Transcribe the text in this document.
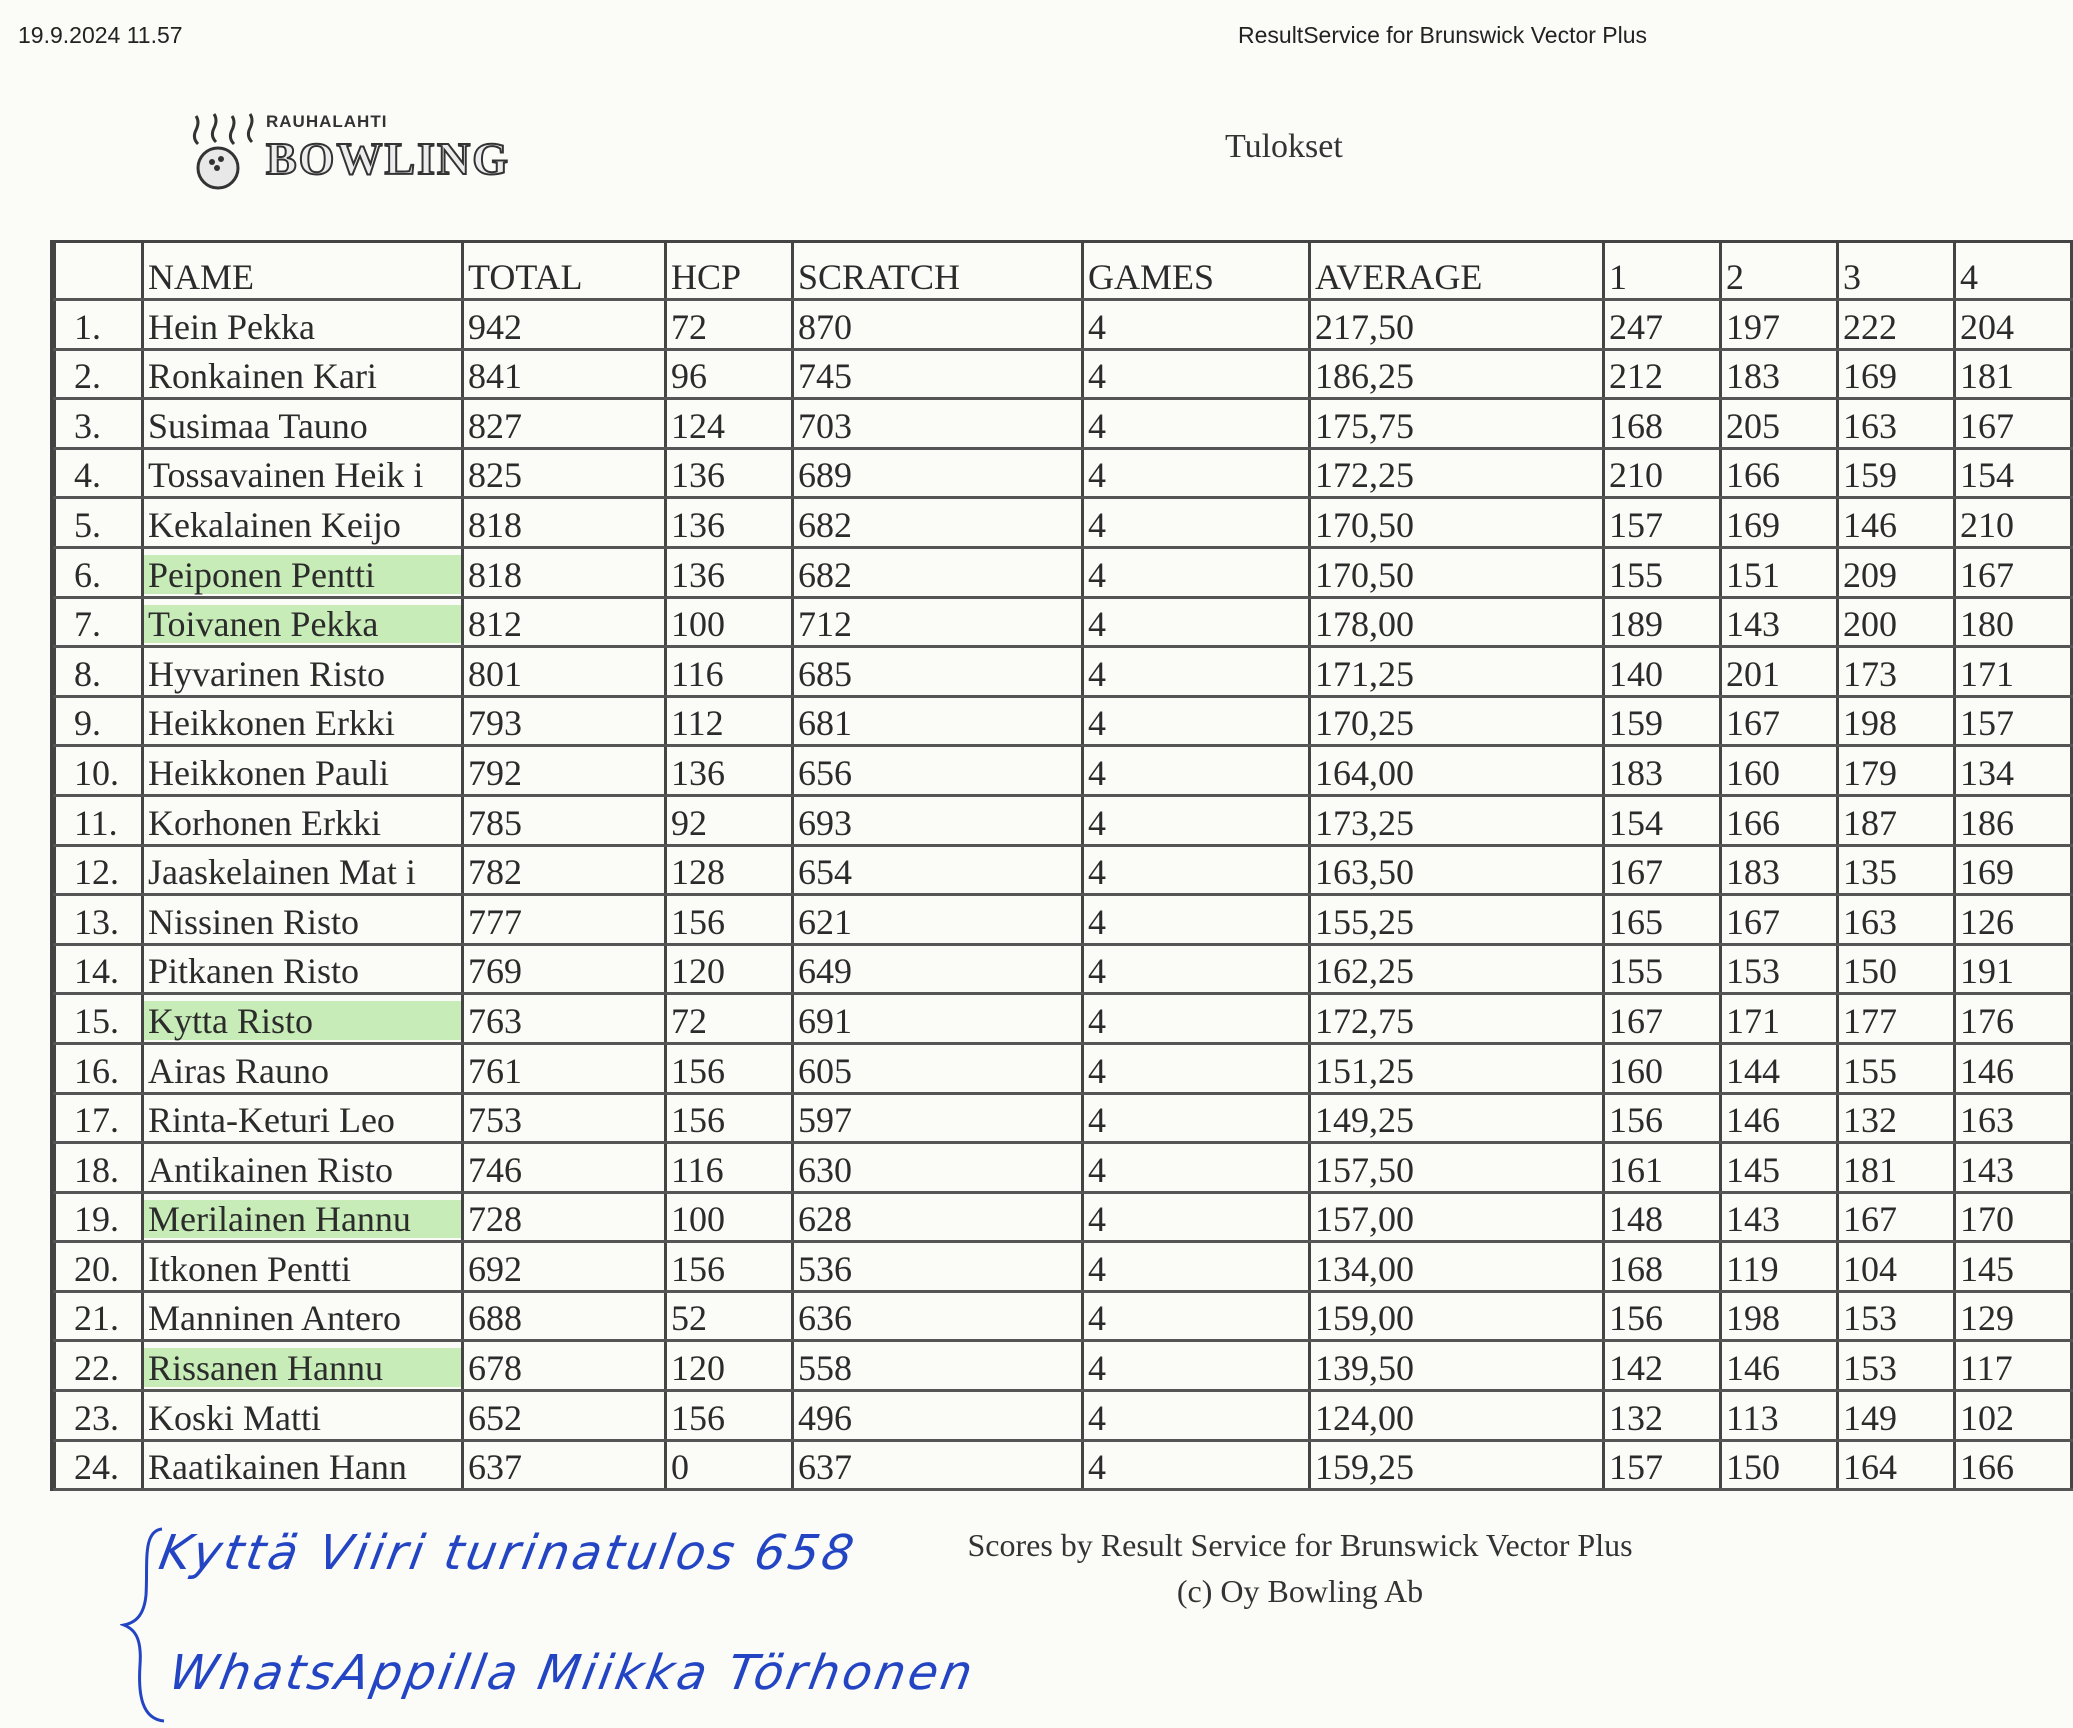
19.9.2024 11.57	ResultService for Brunswick Vector Plus
RAUHALAHTI
BOWLING	Tulokset
	NAME	TOTAL	HCP	SCRATCH	GAMES	AVERAGE	1	2	3	4
1.	Hein Pekka	942	72	870	4	217,50	247	197	222	204
2.	Ronkainen Kari	841	96	745	4	186,25	212	183	169	181
3.	Susimaa Tauno	827	124	703	4	175,75	168	205	163	167
4.	Tossavainen Heik i	825	136	689	4	172,25	210	166	159	154
5.	Kekalainen Keijo	818	136	682	4	170,50	157	169	146	210
6.	Peiponen Pentti	818	136	682	4	170,50	155	151	209	167
7.	Toivanen Pekka	812	100	712	4	178,00	189	143	200	180
8.	Hyvarinen Risto	801	116	685	4	171,25	140	201	173	171
9.	Heikkonen Erkki	793	112	681	4	170,25	159	167	198	157
10.	Heikkonen Pauli	792	136	656	4	164,00	183	160	179	134
11.	Korhonen Erkki	785	92	693	4	173,25	154	166	187	186
12.	Jaaskelainen Mat i	782	128	654	4	163,50	167	183	135	169
13.	Nissinen Risto	777	156	621	4	155,25	165	167	163	126
14.	Pitkanen Risto	769	120	649	4	162,25	155	153	150	191
15.	Kytta Risto	763	72	691	4	172,75	167	171	177	176
16.	Airas Rauno	761	156	605	4	151,25	160	144	155	146
17.	Rinta-Keturi Leo	753	156	597	4	149,25	156	146	132	163
18.	Antikainen Risto	746	116	630	4	157,50	161	145	181	143
19.	Merilainen Hannu	728	100	628	4	157,00	148	143	167	170
20.	Itkonen Pentti	692	156	536	4	134,00	168	119	104	145
21.	Manninen Antero	688	52	636	4	159,00	156	198	153	129
22.	Rissanen Hannu	678	120	558	4	139,50	142	146	153	117
23.	Koski Matti	652	156	496	4	124,00	132	113	149	102
24.	Raatikainen Hann	637	0	637	4	159,25	157	150	164	166
Scores by Result Service for Brunswick Vector Plus
(c) Oy Bowling Ab
Kyttä Viiri turinatulos 658
WhatsAppilla Miikka Törhonen
